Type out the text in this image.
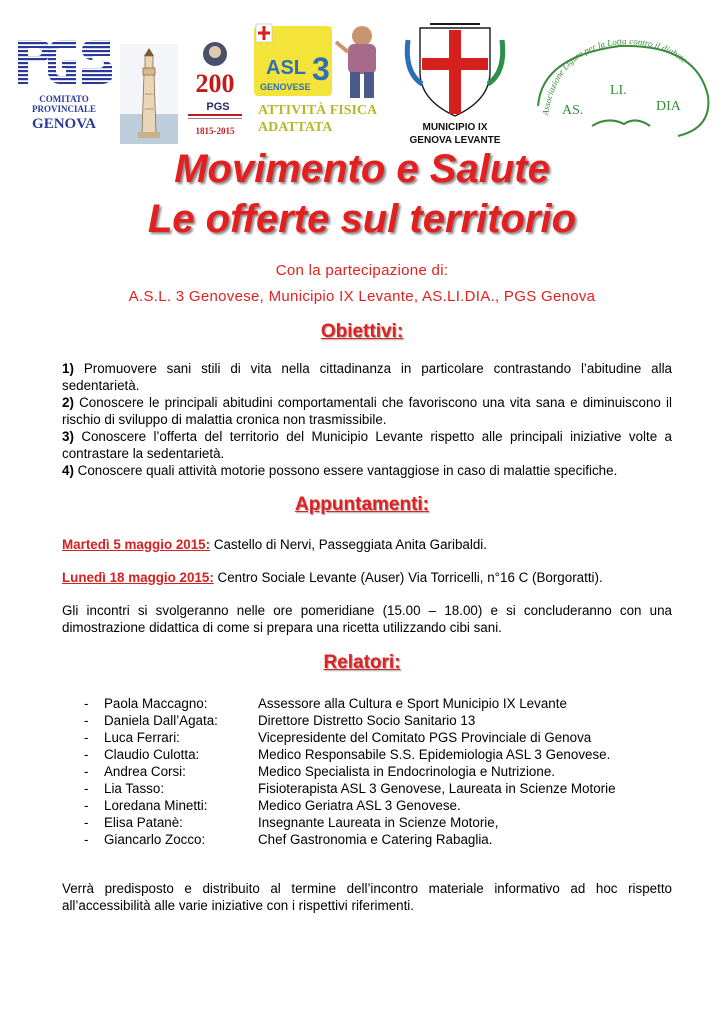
COMITATO
PROVINCIALE
GENOVA
200
PGS
1815-2015
ASL 3
GENOVESE
ATTIVITÀ FISICA
ADATTATA	MUNICIPIO IX
GENOVA LEVANTE
Associazione Ligure per la Lotta contro il diabete
AS.
LI.
DIA
Movimento e Salute
Le offerte sul territorio
Con la partecipazione di:
A.S.L. 3 Genovese, Municipio IX Levante, AS.LI.DIA., PGS Genova
Obiettivi:
1) Promuovere sani stili di vita nella cittadinanza in particolare contrastando l’abitudine alla sedentarietà.
2) Conoscere le principali abitudini comportamentali che favoriscono una vita sana e diminuiscono il rischio di sviluppo di malattia cronica non trasmissibile.
3) Conoscere l’offerta del territorio del Municipio Levante rispetto alle principali iniziative volte a contrastare la sedentarietà.
4) Conoscere quali attività motorie possono essere vantaggiose in caso di malattie specifiche.
Appuntamenti:
Martedì 5 maggio 2015: Castello di Nervi, Passeggiata Anita Garibaldi.
Lunedì 18 maggio 2015: Centro Sociale Levante (Auser) Via Torricelli, n°16 C (Borgoratti).
Gli incontri si svolgeranno nelle ore pomeridiane (15.00 – 18.00) e si concluderanno con una dimostrazione didattica di come si prepara una ricetta utilizzando cibi sani.
Relatori:
- Paola Maccagno:	Assessore alla Cultura e Sport Municipio IX Levante
- Daniela Dall’Agata:	Direttore Distretto Socio Sanitario 13
- Luca Ferrari:	Vicepresidente del Comitato PGS Provinciale di Genova
- Claudio Culotta:	Medico Responsabile S.S. Epidemiologia ASL 3 Genovese.
- Andrea Corsi:	Medico Specialista in Endocrinologia e Nutrizione.
- Lia Tasso:	Fisioterapista ASL 3 Genovese, Laureata in Scienze Motorie
- Loredana Minetti:	Medico Geriatra ASL 3 Genovese.
- Elisa Patanè:	Insegnante Laureata in Scienze Motorie,
- Giancarlo Zocco:	Chef Gastronomia e Catering Rabaglia.
Verrà predisposto e distribuito al termine dell’incontro materiale informativo ad hoc rispetto all’accessibilità alle varie iniziative con i rispettivi riferimenti.
